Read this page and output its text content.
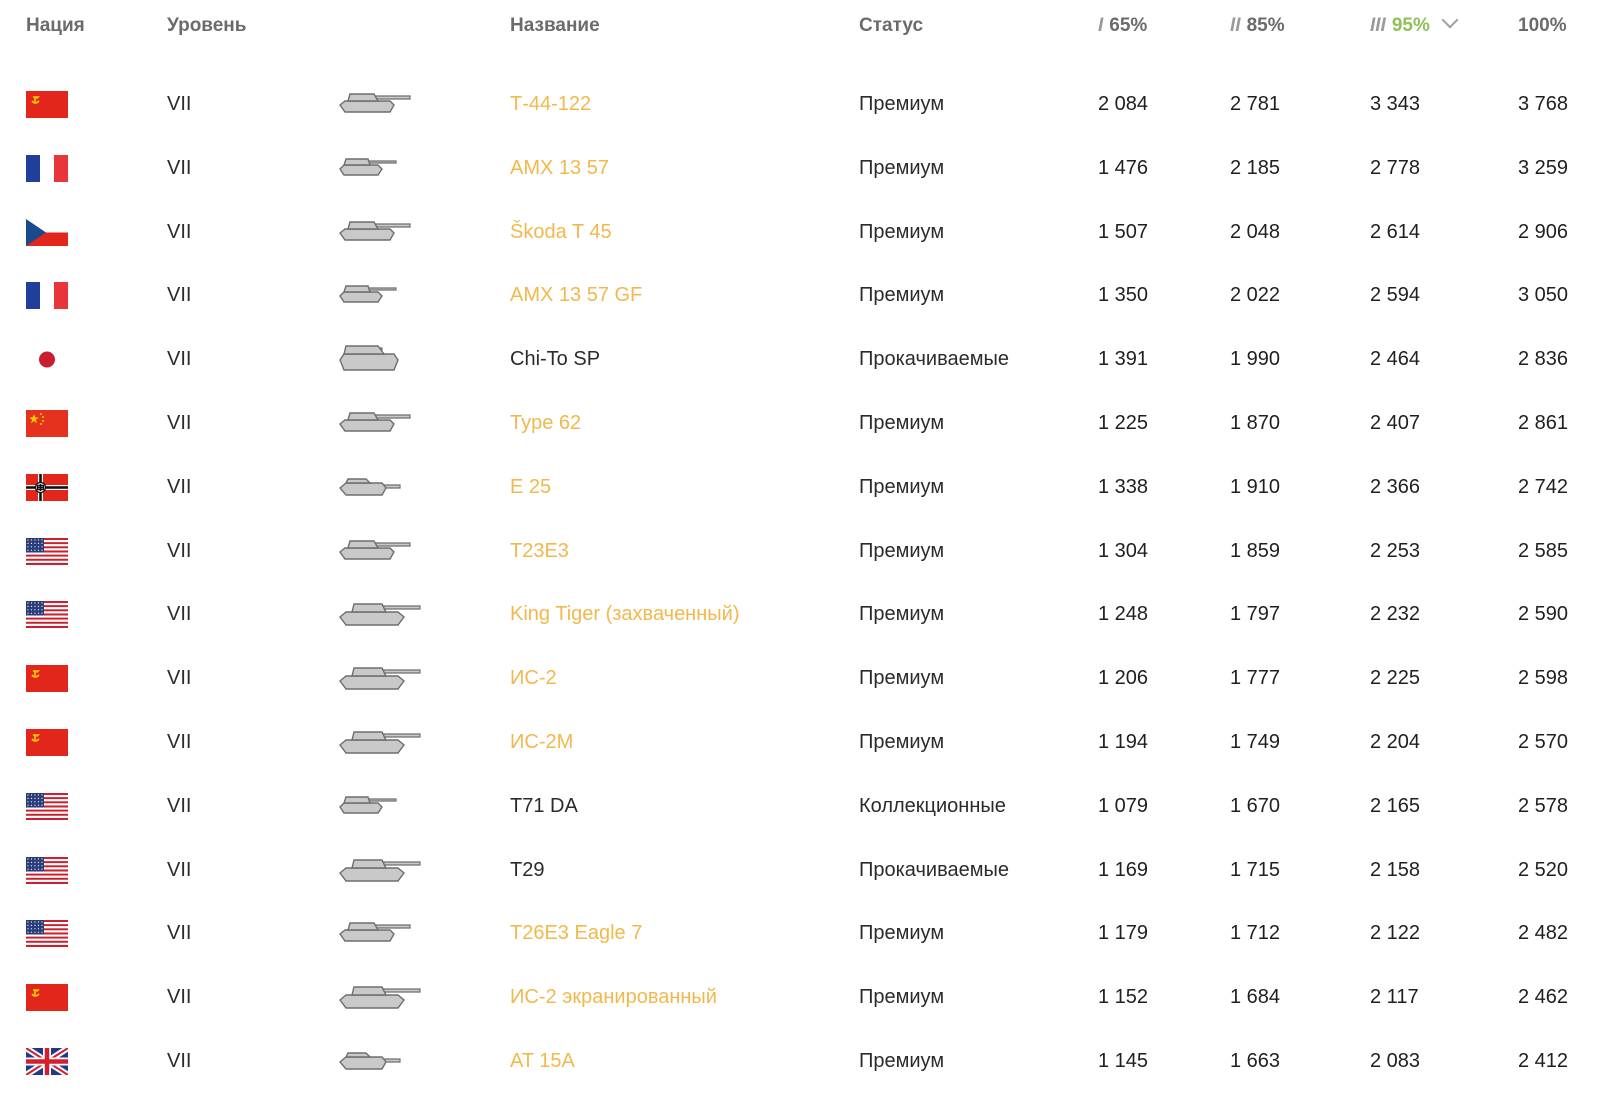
Нация	Уровень	Название	Статус	I 65%	II 85%	III 95%	100%
VII	Т-44-122	Премиум	2 084	2 781	3 343	3 768
VII	AMX 13 57	Премиум	1 476	2 185	2 778	3 259
VII	Škoda T 45	Премиум	1 507	2 048	2 614	2 906
VII	AMX 13 57 GF	Премиум	1 350	2 022	2 594	3 050
VII	Chi-To SP	Прокачиваемые	1 391	1 990	2 464	2 836
VII	Type 62	Премиум	1 225	1 870	2 407	2 861
VII	E 25	Премиум	1 338	1 910	2 366	2 742
VII	T23E3	Премиум	1 304	1 859	2 253	2 585
VII	King Tiger (захваченный)	Премиум	1 248	1 797	2 232	2 590
VII	ИС-2	Премиум	1 206	1 777	2 225	2 598
VII	ИС-2М	Премиум	1 194	1 749	2 204	2 570
VII	T71 DA	Коллекционные	1 079	1 670	2 165	2 578
VII	T29	Прокачиваемые	1 169	1 715	2 158	2 520
VII	T26E3 Eagle 7	Премиум	1 179	1 712	2 122	2 482
VII	ИС-2 экранированный	Премиум	1 152	1 684	2 117	2 462
VII	AT 15A	Премиум	1 145	1 663	2 083	2 412
